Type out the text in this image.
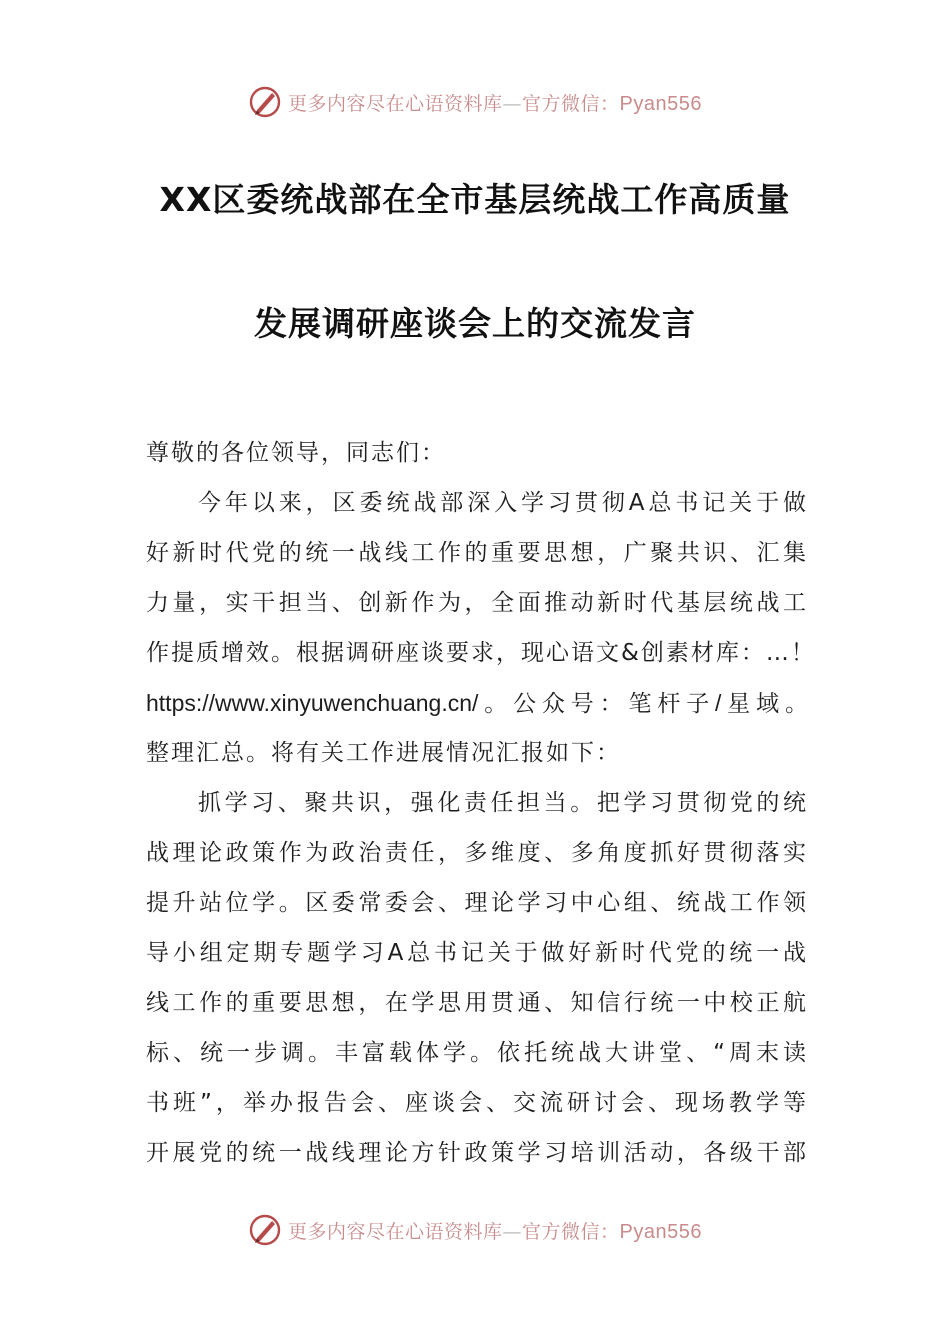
更多内容尽在心语资料库—官方微信：Pyan556
XX区委统战部在全市基层统战工作高质量
发展调研座谈会上的交流发言
尊敬的各位领导，同志们：
今年以来，区委统战部深入学习贯彻A总书记关于做
好新时代党的统一战线工作的重要思想，广聚共识、汇集
力量，实干担当、创新作为，全面推动新时代基层统战工
作提质增效。根据调研座谈要求，现心语文&创素材库：…！
https://www.xinyuwenchuang.cn/。公众号：笔杆子/星域。
整理汇总。将有关工作进展情况汇报如下：
抓学习、聚共识，强化责任担当。把学习贯彻党的统
战理论政策作为政治责任，多维度、多角度抓好贯彻落实
提升站位学。区委常委会、理论学习中心组、统战工作领
导小组定期专题学习A总书记关于做好新时代党的统一战
线工作的重要思想，在学思用贯通、知信行统一中校正航
标、统一步调。丰富载体学。依托统战大讲堂、“周末读
书班”，举办报告会、座谈会、交流研讨会、现场教学等
开展党的统一战线理论方针政策学习培训活动，各级干部
更多内容尽在心语资料库—官方微信：Pyan556
